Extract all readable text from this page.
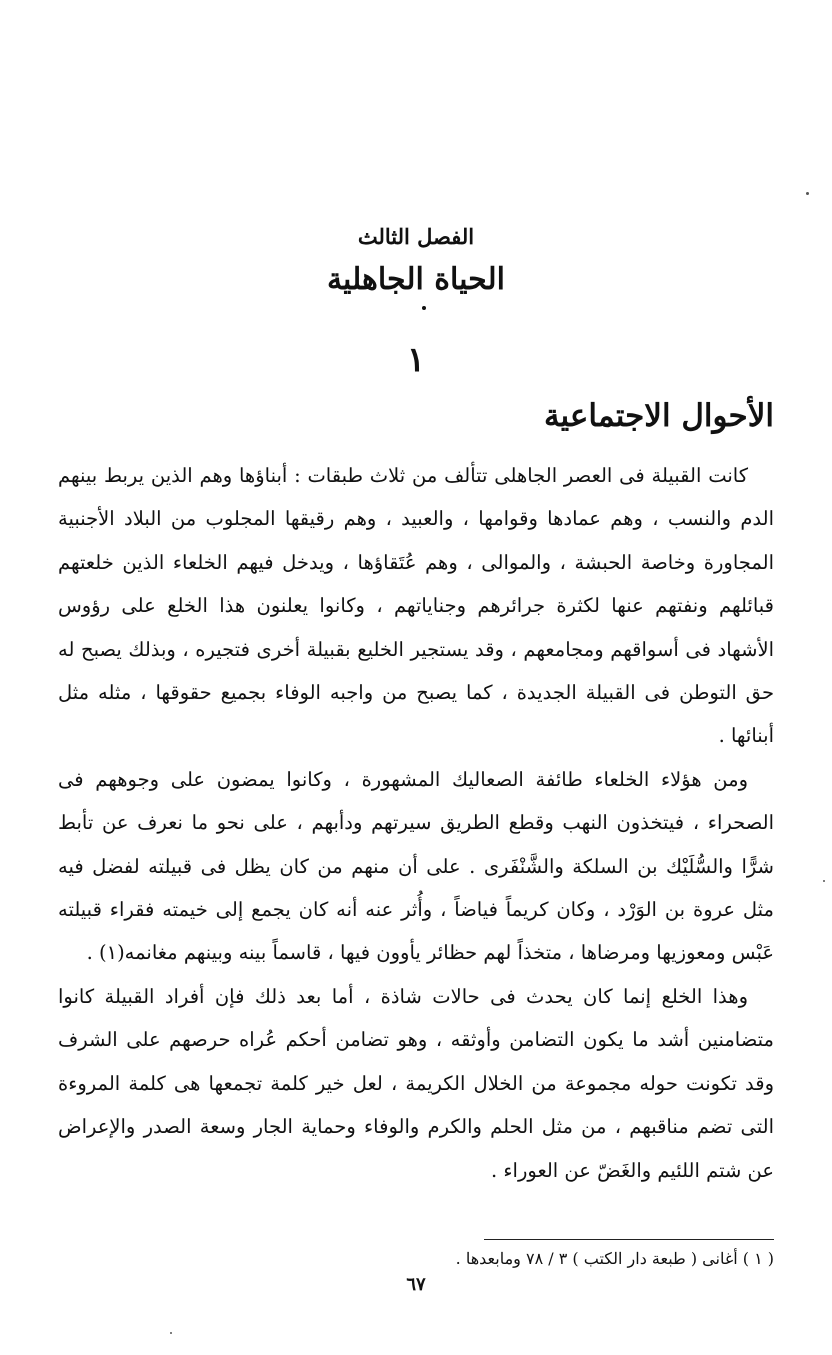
الفصل الثالث
الحياة الجاهلية
١
الأحوال الاجتماعية

كانت القبيلة فى العصر الجاهلى تتألف من ثلاث طبقات : أبناؤها وهم الذين يربط بينهم الدم والنسب ، وهم عمادها وقوامها ، والعبيد ، وهم رقيقها المجلوب من البلاد الأجنبية المجاورة وخاصة الحبشة ، والموالى ، وهم عُتَقاؤها ، ويدخل فيهم الخلعاء الذين خلعتهم قبائلهم ونفتهم عنها لكثرة جرائرهم وجناياتهم ، وكانوا يعلنون هذا الخلع على رؤوس الأشهاد فى أسواقهم ومجامعهم ، وقد يستجير الخليع بقبيلة أخرى فتجيره ، وبذلك يصبح له حق التوطن فى القبيلة الجديدة ، كما يصبح من واجبه الوفاء بجميع حقوقها ، مثله مثل أبنائها .

ومن هؤلاء الخلعاء طائفة الصعاليك المشهورة ، وكانوا يمضون على وجوههم فى الصحراء ، فيتخذون النهب وقطع الطريق سيرتهم ودأبهم ، على نحو ما نعرف عن تأبط شرًّا والسُّلَيْك بن السلكة والشَّنْفَرى . على أن منهم من كان يظل فى قبيلته لفضل فيه مثل عروة بن الوَرْد ، وكان كريماً فياضاً ، وأُثر عنه أنه كان يجمع إلى خيمته فقراء قبيلته عَبْس ومعوزيها ومرضاها ، متخذاً لهم حظائر يأوون فيها ، قاسماً بينه وبينهم مغانمه(١) .

وهذا الخلع إنما كان يحدث فى حالات شاذة ، أما بعد ذلك فإن أفراد القبيلة كانوا متضامنين أشد ما يكون التضامن وأوثقه ، وهو تضامن أحكم عُراه حرصهم على الشرف وقد تكونت حوله مجموعة من الخلال الكريمة ، لعل خير كلمة تجمعها هى كلمة المروءة التى تضم مناقبهم ، من مثل الحلم والكرم والوفاء وحماية الجار وسعة الصدر والإعراض عن شتم اللئيم والغَضّ عن العوراء .

( ١ ) أغانى ( طبعة دار الكتب ) ٣ / ٧٨ ومابعدها .
٦٧
